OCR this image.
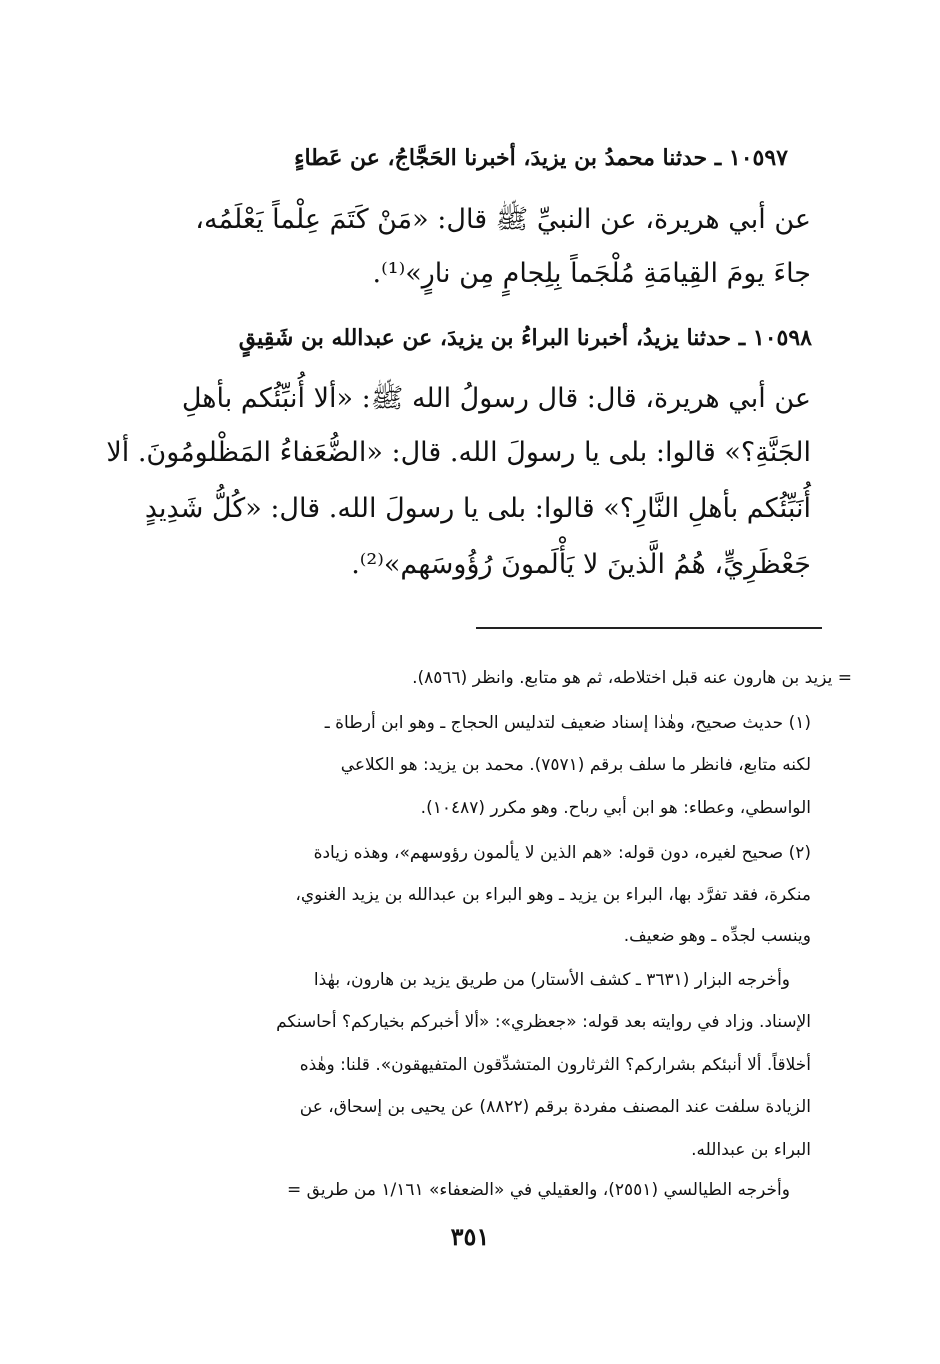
١٠٥٩٧ ـ حدثنا محمدُ بن يزيدَ، أخبرنا الحَجَّاجُ، عن عَطاءٍ
عن أبي هريرة، عن النبيِّ ﷺ قال: «مَنْ كَتَمَ عِلْماً يَعْلَمُه،
جاءَ يومَ القِيامَةِ مُلْجَماً بِلِجامٍ مِن نارٍ»⁽¹⁾.
١٠٥٩٨ ـ حدثنا يزيدُ، أخبرنا البراءُ بن يزيدَ، عن عبدالله بن شَقِيقٍ
عن أبي هريرة، قال: قال رسولُ الله ﷺ: «ألا أُنبِّئُكم بأهلِ
الجَنَّةِ؟» قالوا: بلى يا رسولَ الله. قال: «الضُّعَفاءُ المَظْلومُونَ. ألا
أُنَبِّئُكم بأهلِ النَّارِ؟» قالوا: بلى يا رسولَ الله. قال: «كُلُّ شَدِيدٍ
جَعْظَرِيٍّ، هُمُ الَّذينَ لا يَأْلَمونَ رُؤُوسَهم»⁽²⁾.
= يزيد بن هارون عنه قبل اختلاطه، ثم هو متابع. وانظر (٨٥٦٦).
(١) حديث صحيح، وهٰذا إسناد ضعيف لتدليس الحجاج ـ وهو ابن أرطاة ـ
لكنه متابع، فانظر ما سلف برقم (٧٥٧١). محمد بن يزيد: هو الكلاعي
الواسطي، وعطاء: هو ابن أبي رباح. وهو مكرر (١٠٤٨٧).
(٢) صحيح لغيره، دون قوله: «هم الذين لا يألمون رؤوسهم»، وهذه زيادة
منكرة، فقد تفرَّد بها، البراء بن يزيد ـ وهو البراء بن عبدالله بن يزيد الغنوي،
وينسب لجدِّه ـ وهو ضعيف.
وأخرجه البزار (٣٦٣١ ـ كشف الأستار) من طريق يزيد بن هارون، بهٰذا
الإسناد. وزاد في روايته بعد قوله: «جعظري»: «ألا أخبركم بخياركم؟ أحاسنكم
أخلاقاً. ألا أنبئكم بشراركم؟ الثرثارون المتشدِّقون المتفيهقون». قلنا: وهٰذه
الزيادة سلفت عند المصنف مفردة برقم (٨٨٢٢) عن يحيى بن إسحاق، عن
البراء بن عبدالله.
وأخرجه الطيالسي (٢٥٥١)، والعقيلي في «الضعفاء» ١/١٦١ من طريق =
٣٥١
